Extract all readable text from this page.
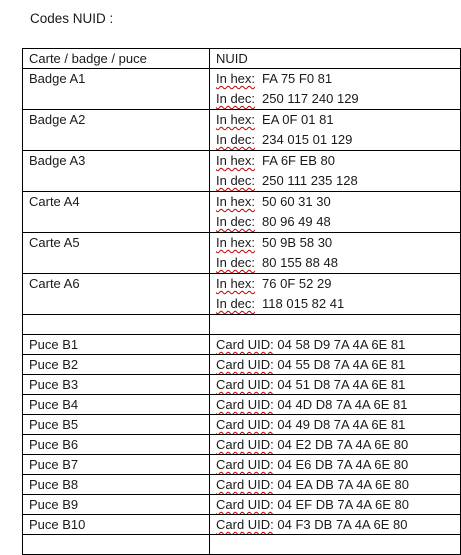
Codes NUID :
Carte / badge / puce	NUID
Badge A1	In hex: FA 75 F0 81
In dec: 250 117 240 129

Badge A2	In hex: EA 0F 01 81
In dec: 234 015 01 129

Badge A3	In hex: FA 6F EB 80
In dec: 250 111 235 128

Carte A4	In hex: 50 60 31 30
In dec: 80 96 49 48

Carte A5	In hex: 50 9B 58 30
In dec: 80 155 88 48

Carte A6	In hex: 76 0F 52 29
In dec: 118 015 82 41

Puce B1	Card UID: 04 58 D9 7A 4A 6E 81
Puce B2	Card UID: 04 55 D8 7A 4A 6E 81
Puce B3	Card UID: 04 51 D8 7A 4A 6E 81
Puce B4	Card UID: 04 4D D8 7A 4A 6E 81
Puce B5	Card UID: 04 49 D8 7A 4A 6E 81
Puce B6	Card UID: 04 E2 DB 7A 4A 6E 80
Puce B7	Card UID: 04 E6 DB 7A 4A 6E 80
Puce B8	Card UID: 04 EA DB 7A 4A 6E 80
Puce B9	Card UID: 04 EF DB 7A 4A 6E 80
Puce B10	Card UID: 04 F3 DB 7A 4A 6E 80
